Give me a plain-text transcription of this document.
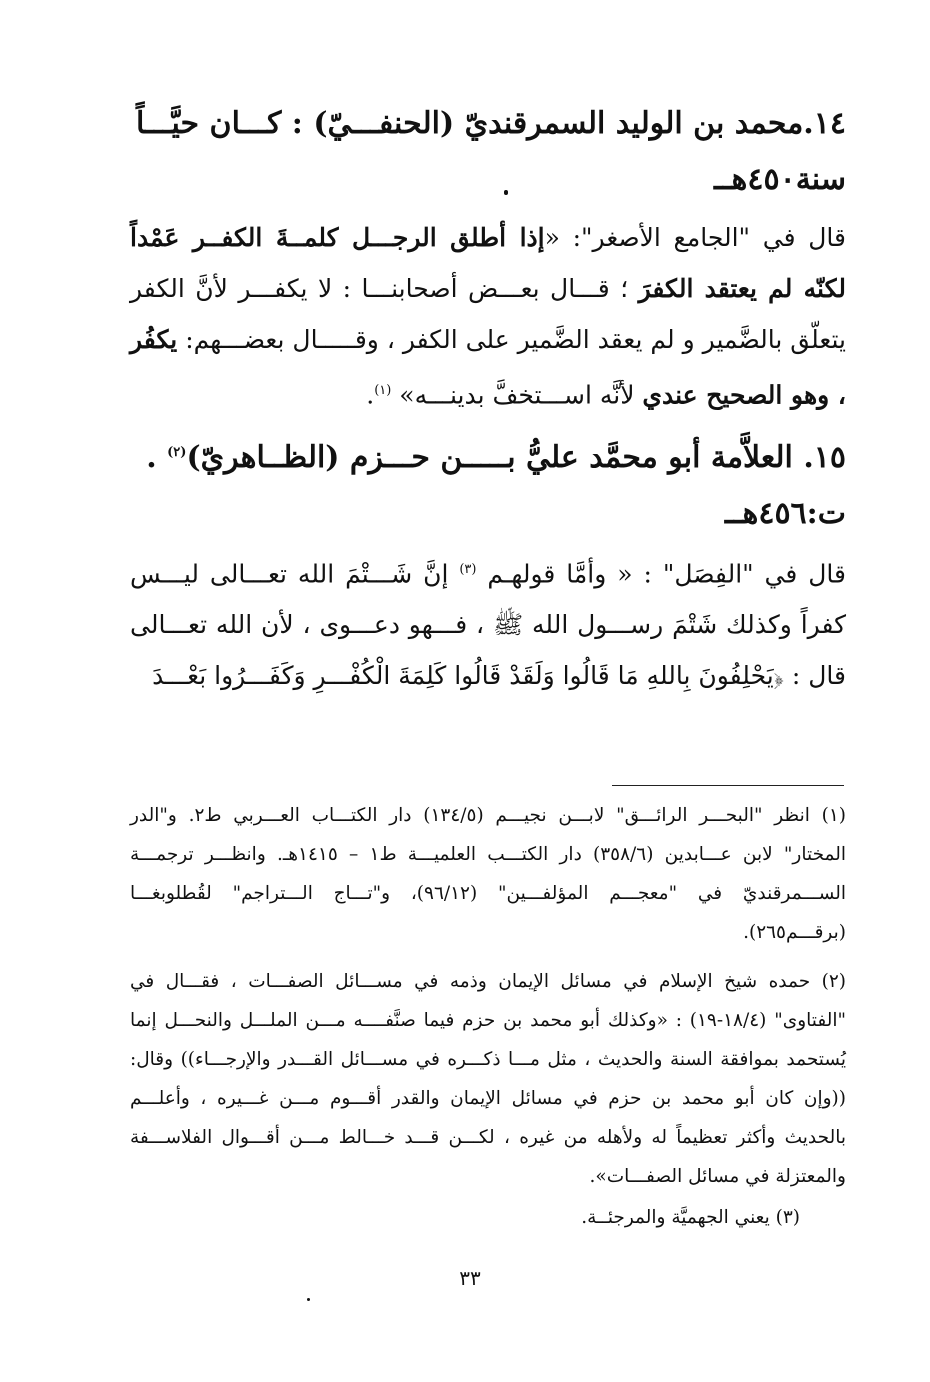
١٤.محمد بن الوليد السمرقنديّ (الحنفـــيّ) : كـــان حيَّـــاً
سنة٤٥٠هــ
قال في "الجامع الأصغر": «إذا أطلق الرجـــل كلمــةَ الكفــر عَمْداً لكنّه لم يعتقد الكفرَ ؛ قـــال بعـــض أصحابنـــا : لا يكفـــر لأنَّ الكفر يتعلّق بالضَّمير و لم يعقد الضَّمير على الكفر ، وقـــــال بعضـــهم: يكفُر ، وهو الصحيح عندي لأنَّه اســـتخفَّ بدينـــه» $^{(١)}$.
١٥. العلاَّمة أبو محمَّد عليُّ بـــــن حـــزم (الظــاهريّ)$^{(٢)}$ .
ت:٤٥٦هــ
قال في "الفِصَل" : « وأمَّا قولهـم $^{(٣)}$ إنَّ شَـــتْمَ الله تعـــالى ليـــس كفراً وكذلك شَتْمَ رســـول الله ﷺ ، فـــهو دعـــوى ، لأن الله تعـــالى قال : ﴿يَحْلِفُونَ بِاللهِ مَا قَالُوا وَلَقَدْ قَالُوا كَلِمَةَ الْكُفْـــرِ وَكَفَـــرُوا بَعْـــدَ
(١) انظر "البحـــر الرائـــق" لابـــن نجيـــم (١٣٤/٥) دار الكتـــاب العـــربي ط٢. و"الدر المختار" لابن عـــابدين (٣٥٨/٦) دار الكتـــب العلميـــة ط١ – ١٤١٥هـ. وانظـــر ترجمـــة الســـمرقنديّ في "معجـــم المؤلفـــين" (٩٦/١٢)، و"تـــاج الـــتراجم" لقُطلوبغـــا (برقـــم٢٦٥).
(٢) حمده شيخ الإسلام في مسائل الإيمان وذمه في مســـائل الصفـــات ، فقـــال في "الفتاوى" (١٨/٤-١٩) : «وكذلك أبو محمد بن حزم فيما صنَّفــــه مـــن الملـــل والنحـــل إنما يُستحمد بموافقة السنة والحديث ، مثل مـــا ذكـــره في مســـائل القـــدر والإرجـــاء)) وقال: ((وإن كان أبو محمد بن حزم في مسائل الإيمان والقدر أقـــوم مـــن غـــيره ، وأعلـــم بالحديث وأكثر تعظيماً له ولأهله من غيره ، لكـــن قـــد خـــالط مـــن أقـــوال الفلاســـفة والمعتزلة في مسائل الصفـــات».
(٣) يعني الجهميَّة والمرجئــة.
٣٣
